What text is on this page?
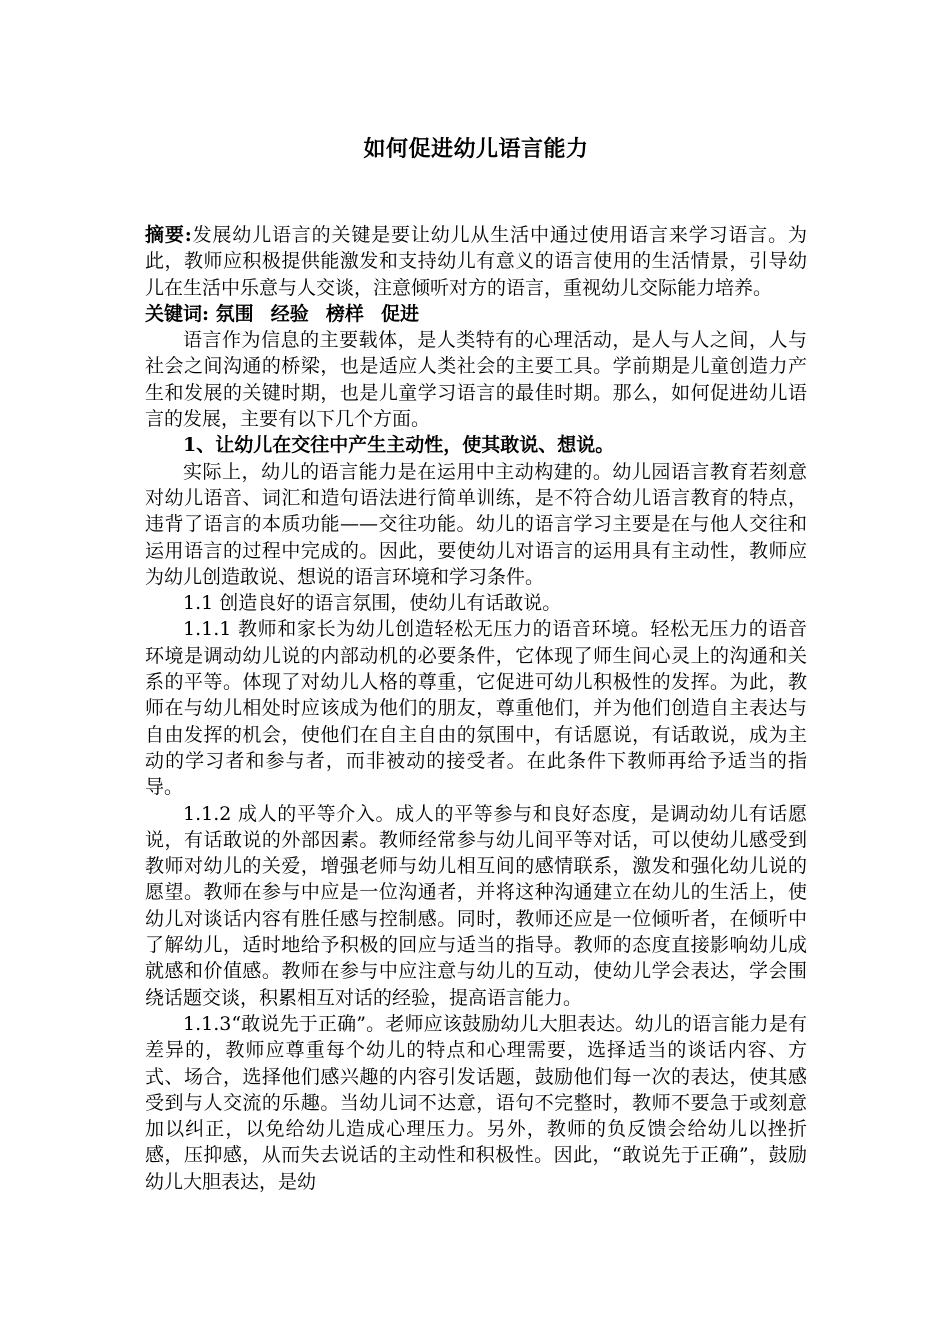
如何促进幼儿语言能力

摘要:发展幼儿语言的关键是要让幼儿从生活中通过使用语言来学习语言。为此，教师应积极提供能激发和支持幼儿有意义的语言使用的生活情景，引导幼儿在生活中乐意与人交谈，注意倾听对方的语言，重视幼儿交际能力培养。

关键词: 氛围 经验 榜样 促进

语言作为信息的主要载体，是人类特有的心理活动，是人与人之间，人与社会之间沟通的桥梁，也是适应人类社会的主要工具。学前期是儿童创造力产生和发展的关键时期，也是儿童学习语言的最佳时期。那么，如何促进幼儿语言的发展，主要有以下几个方面。

1、让幼儿在交往中产生主动性，使其敢说、想说。

实际上，幼儿的语言能力是在运用中主动构建的。幼儿园语言教育若刻意对幼儿语音、词汇和造句语法进行简单训练，是不符合幼儿语言教育的特点，违背了语言的本质功能——交往功能。幼儿的语言学习主要是在与他人交往和运用语言的过程中完成的。因此，要使幼儿对语言的运用具有主动性，教师应为幼儿创造敢说、想说的语言环境和学习条件。

1.1 创造良好的语言氛围，使幼儿有话敢说。

1.1.1 教师和家长为幼儿创造轻松无压力的语音环境。轻松无压力的语音环境是调动幼儿说的内部动机的必要条件，它体现了师生间心灵上的沟通和关系的平等。体现了对幼儿人格的尊重，它促进可幼儿积极性的发挥。为此，教师在与幼儿相处时应该成为他们的朋友，尊重他们，并为他们创造自主表达与自由发挥的机会，使他们在自主自由的氛围中，有话愿说，有话敢说，成为主动的学习者和参与者，而非被动的接受者。在此条件下教师再给予适当的指导。

1.1.2 成人的平等介入。成人的平等参与和良好态度，是调动幼儿有话愿说，有话敢说的外部因素。教师经常参与幼儿间平等对话，可以使幼儿感受到教师对幼儿的关爱，增强老师与幼儿相互间的感情联系，激发和强化幼儿说的愿望。教师在参与中应是一位沟通者，并将这种沟通建立在幼儿的生活上，使幼儿对谈话内容有胜任感与控制感。同时，教师还应是一位倾听者，在倾听中了解幼儿，适时地给予积极的回应与适当的指导。教师的态度直接影响幼儿成就感和价值感。教师在参与中应注意与幼儿的互动，使幼儿学会表达，学会围绕话题交谈，积累相互对话的经验，提高语言能力。

1.1.3“敢说先于正确”。老师应该鼓励幼儿大胆表达。幼儿的语言能力是有差异的，教师应尊重每个幼儿的特点和心理需要，选择适当的谈话内容、方式、场合，选择他们感兴趣的内容引发话题，鼓励他们每一次的表达，使其感受到与人交流的乐趣。当幼儿词不达意，语句不完整时，教师不要急于或刻意加以纠正，以免给幼儿造成心理压力。另外，教师的负反馈会给幼儿以挫折感，压抑感，从而失去说话的主动性和积极性。因此，“敢说先于正确”，鼓励幼儿大胆表达，是幼
